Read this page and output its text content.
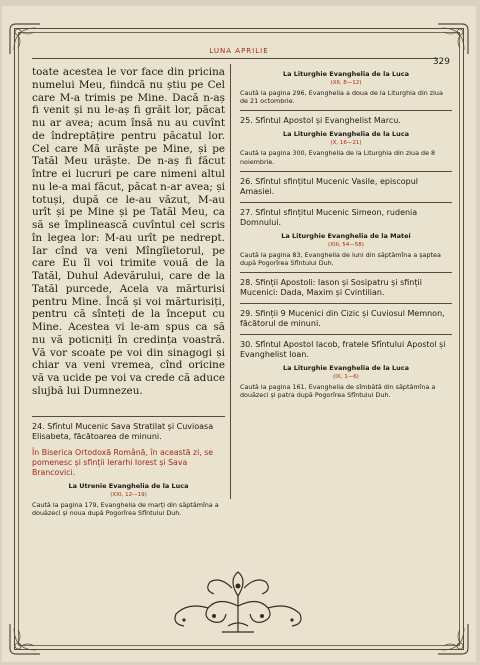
LUNA APRILIE
329

toate acestea le vor face din pricina numelui Meu, fiindcă nu știu pe Cel care M-a trimis pe Mine. Dacă n-aș fi venit și nu le-aș fi grăit lor, păcat nu ar avea; acum însă nu au cuvînt de îndreptățire pentru păcatul lor. Cel care Mă urăște pe Mine, și pe Tatăl Meu urăște. De n-aș fi făcut între ei lucruri pe care nimeni altul nu le-a mai făcut, păcat n-ar avea; și totuși, după ce le-au văzut, M-au urît și pe Mine și pe Tatăl Meu, ca să se împlinească cuvîntul cel scris în legea lor: M-au urît pe nedrept. Iar cînd va veni Mîngîietorul, pe care Eu îl voi trimite vouă de la Tatăl, Duhul Adevărului, care de la Tatăl purcede, Acela va mărturisi pentru Mine. Încă și voi mărturisiți, pentru că sînteți de la început cu Mine. Acestea vi le-am spus ca să nu vă poticniți în credința voastră. Vă vor scoate pe voi din sinagogi și chiar va veni vremea, cînd oricine vă va ucide pe voi va crede că aduce slujbă lui Dumnezeu.

24. Sfîntul Mucenic Sava Stratilat și Cuvioasa Elisabeta, făcătoarea de minuni.

În Biserica Ortodoxă Română, în aceastã zi, se pomenesc și sfinții Ierarhi Iorest și Sava Brancovici.

La Utrenie Evanghelia de la Luca

(XXI, 12—19)

Caută la pagina 179, Evanghelia de marți din săptămîna a douăzeci și noua după Pogorîrea Sfîntului Duh.

La Liturghie Evanghelia de la Luca

(XII, 8—12)

Caută la pagina 296, Evanghelia a doua de la Liturghia din ziua de 21 octombrie.

25. Sfîntul Apostol și Evanghelist Marcu.

La Liturghie Evanghelia de la Luca

(X, 16—21)

Caută la pagina 300, Evanghelia de la Liturghia din ziua de 8 noiembrie.

26. Sfîntul sfințitul Mucenic Vasile, episcopul Amasiei.

27. Sfîntul sfințitul Mucenic Simeon, rudenia Domnului.

La Liturghie Evanghelia de la Matei

(XIII, 54—58)

Caută la pagina 83, Evanghelia de luni din săptămîna a șaptea după Pogorîrea Sfîntului Duh.

28. Sfinții Apostoli: Iason și Sosipatru și sfinții Mucenici: Dada, Maxim și Cvintilian.

29. Sfinții 9 Mucenici din Cizic și Cuviosul Memnon, făcătorul de minuni.

30. Sfîntul Apostol Iacob, fratele Sfîntului Apostol și Evanghelist Ioan.

La Liturghie Evanghelia de la Luca

(IX, 1—6)

Caută la pagina 161, Evanghelia de sîmbătă din săptămîna a douăzeci și patra după Pogorîrea Sfîntului Duh.
